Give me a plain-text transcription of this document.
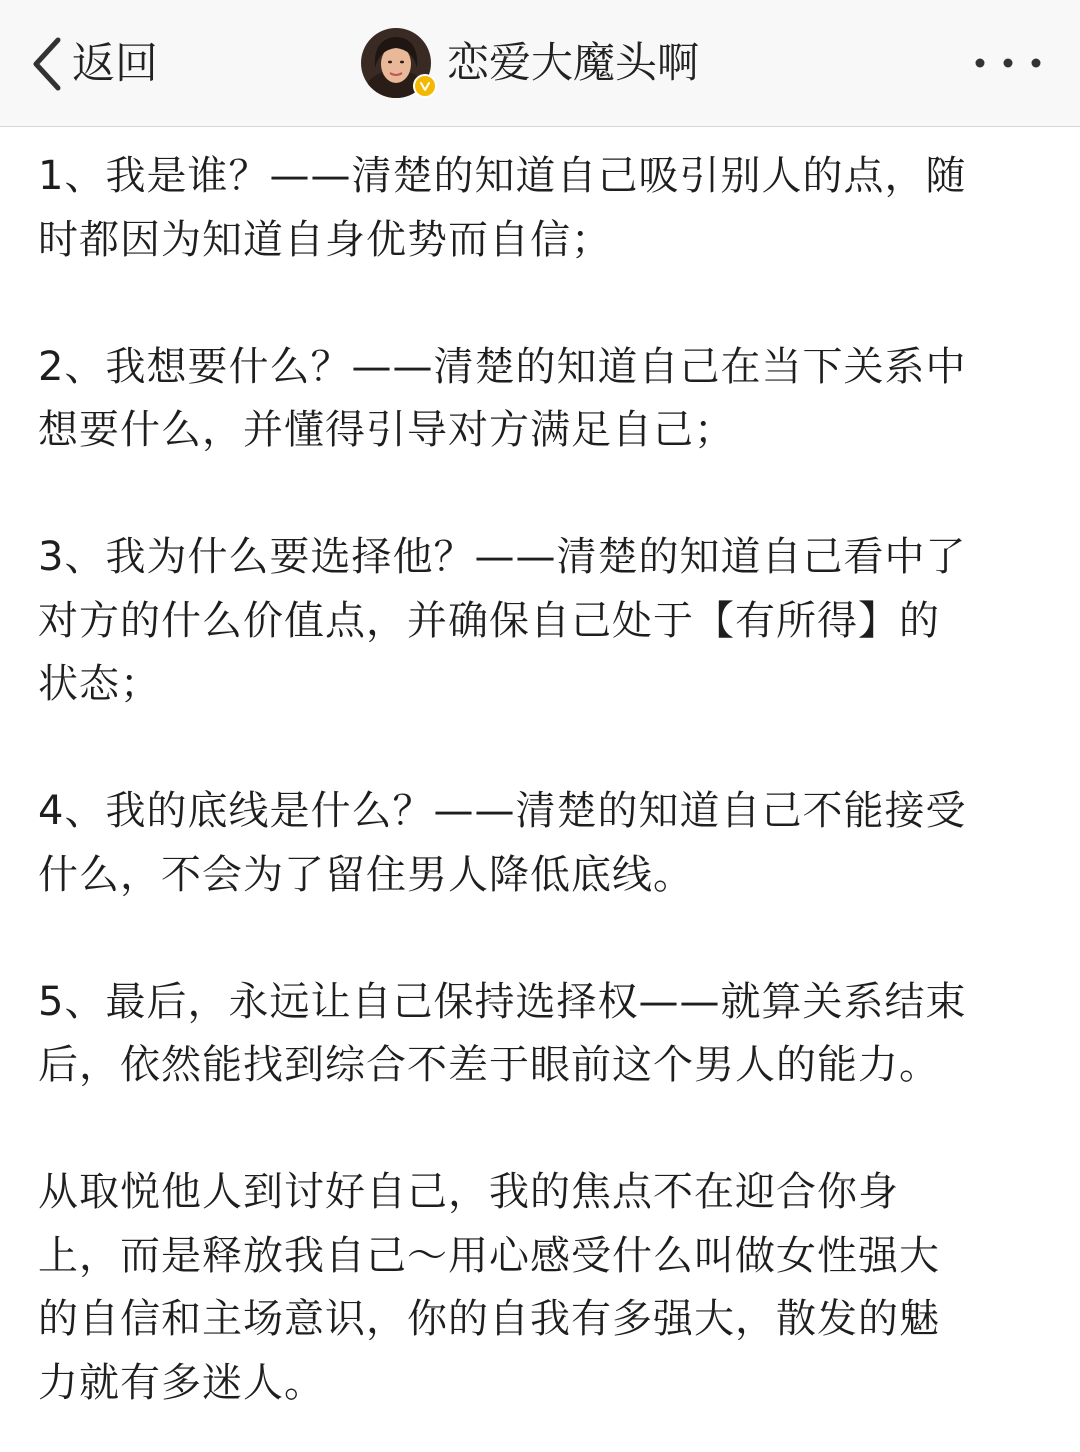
返回	恋爱大魔头啊

1、我是谁？——清楚的知道自己吸引别人的点，随
时都因为知道自身优势而自信；

2、我想要什么？——清楚的知道自己在当下关系中
想要什么，并懂得引导对方满足自己；

3、我为什么要选择他？——清楚的知道自己看中了
对方的什么价值点，并确保自己处于【有所得】的
状态；

4、我的底线是什么？——清楚的知道自己不能接受
什么，不会为了留住男人降低底线。

5、最后，永远让自己保持选择权——就算关系结束
后，依然能找到综合不差于眼前这个男人的能力。

从取悦他人到讨好自己，我的焦点不在迎合你身
上，而是释放我自己～用心感受什么叫做女性强大
的自信和主场意识，你的自我有多强大，散发的魅
力就有多迷人。
